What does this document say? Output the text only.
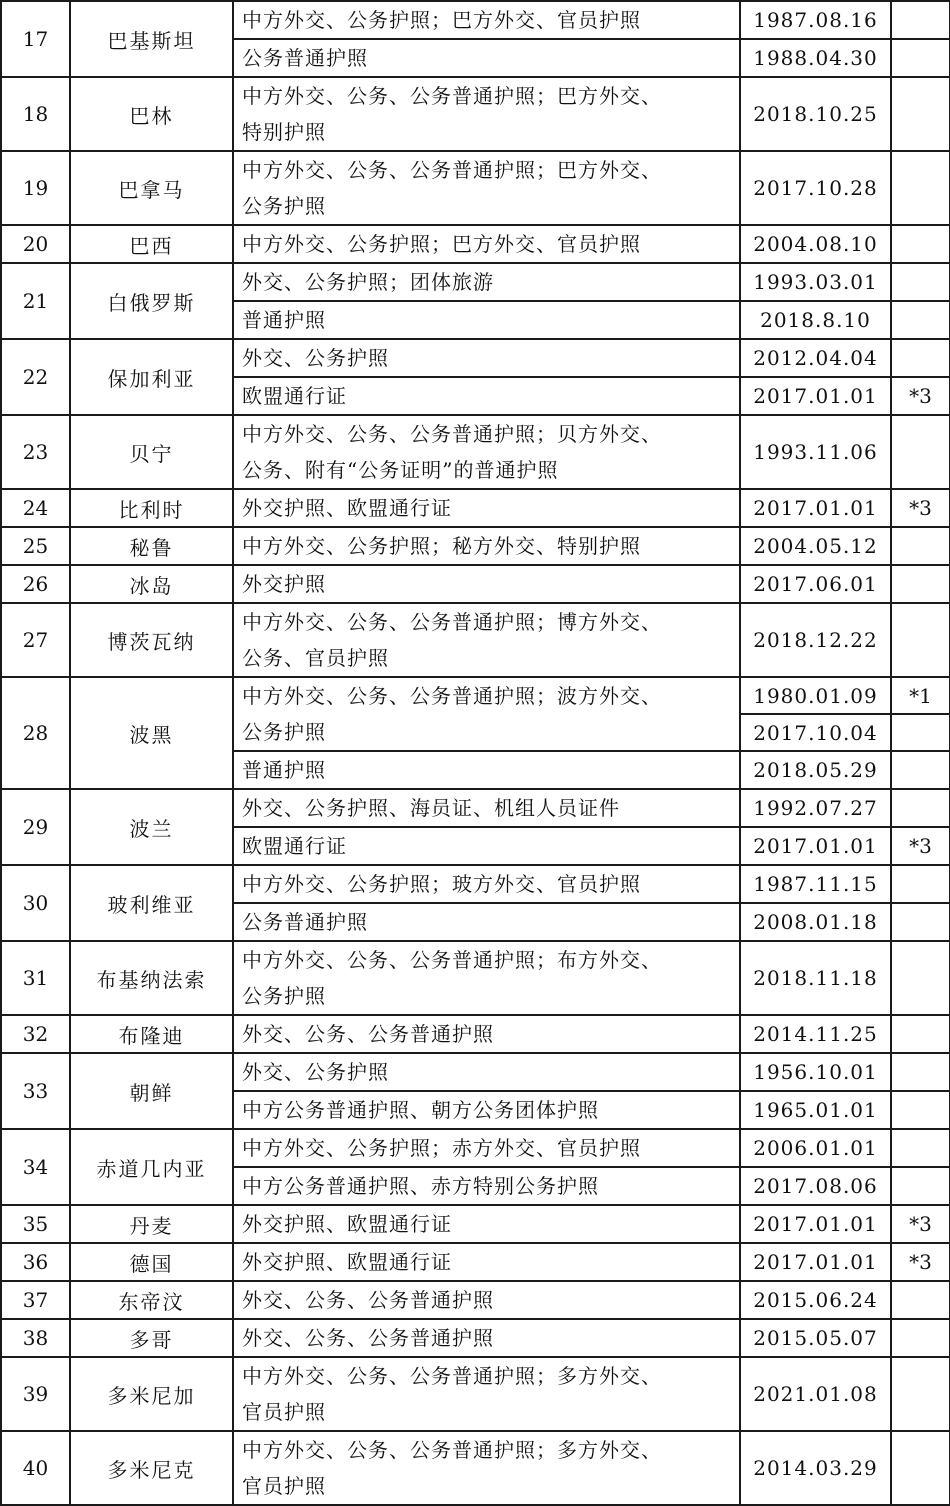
17	巴基斯坦	中方外交、公务护照；巴方外交、官员护照	1987.08.16	

		公务普通护照	1988.04.30	
18	巴林	中方外交、公务、公务普通护照；巴方外交、
特别护照	2018.10.25	
19	巴拿马	中方外交、公务、公务普通护照；巴方外交、
公务护照	2017.10.28	
20	巴西	中方外交、公务护照；巴方外交、官员护照	2004.08.10	
21	白俄罗斯	外交、公务护照；团体旅游	1993.03.01	

		普通护照	2018.8.10	
22	保加利亚	外交、公务护照	2012.04.04	

		欧盟通行证	2017.01.01	*3
23	贝宁	中方外交、公务、公务普通护照；贝方外交、
公务、附有“公务证明”的普通护照	1993.11.06	
24	比利时	外交护照、欧盟通行证	2017.01.01	*3
25	秘鲁	中方外交、公务护照；秘方外交、特别护照	2004.05.12	
26	冰岛	外交护照	2017.06.01	
27	博茨瓦纳	中方外交、公务、公务普通护照；博方外交、
公务、官员护照	2018.12.22	
28	波黑	中方外交、公务、公务普通护照；波方外交、
公务护照	1980.01.09	*1
			2017.10.04	
		普通护照	2018.05.29	
29	波兰	外交、公务护照、海员证、机组人员证件	1992.07.27	

		欧盟通行证	2017.01.01	*3
30	玻利维亚	中方外交、公务护照；玻方外交、官员护照	1987.11.15	

		公务普通护照	2008.01.18	
31	布基纳法索	中方外交、公务、公务普通护照；布方外交、
公务护照	2018.11.18	
32	布隆迪	外交、公务、公务普通护照	2014.11.25	
33	朝鲜	外交、公务护照	1956.10.01	

		中方公务普通护照、朝方公务团体护照	1965.01.01	
34	赤道几内亚	中方外交、公务护照；赤方外交、官员护照	2006.01.01	

		中方公务普通护照、赤方特别公务护照	2017.08.06	
35	丹麦	外交护照、欧盟通行证	2017.01.01	*3
36	德国	外交护照、欧盟通行证	2017.01.01	*3
37	东帝汶	外交、公务、公务普通护照	2015.06.24	
38	多哥	外交、公务、公务普通护照	2015.05.07	
39	多米尼加	中方外交、公务、公务普通护照；多方外交、
官员护照	2021.01.08	
40	多米尼克	中方外交、公务、公务普通护照；多方外交、
官员护照	2014.03.29	
